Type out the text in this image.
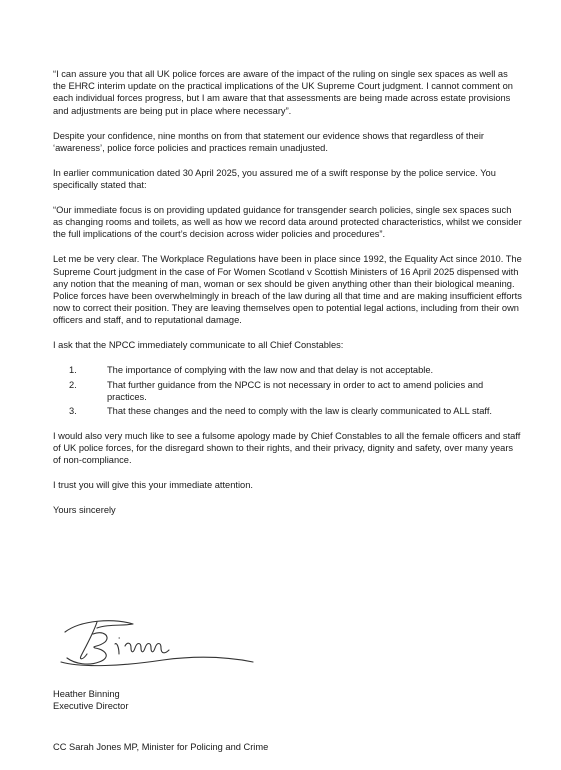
“I can assure you that all UK police forces are aware of the impact of the ruling on single sex spaces as well as the EHRC interim update on the practical implications of the UK Supreme Court judgment. I cannot comment on each individual forces progress, but I am aware that that assessments are being made across estate provisions and adjustments are being put in place where necessary”.

Despite your confidence, nine months on from that statement our evidence shows that regardless of their ‘awareness’, police force policies and practices remain unadjusted.

In earlier communication dated 30 April 2025, you assured me of a swift response by the police service. You specifically stated that:

“Our immediate focus is on providing updated guidance for transgender search policies, single sex spaces such as changing rooms and toilets, as well as how we record data around protected characteristics, whilst we consider the full implications of the court’s decision across wider policies and procedures”.

Let me be very clear. The Workplace Regulations have been in place since 1992, the Equality Act since 2010. The Supreme Court judgment in the case of For Women Scotland v Scottish Ministers of 16 April 2025 dispensed with any notion that the meaning of man, woman or sex should be given anything other than their biological meaning. Police forces have been overwhelmingly in breach of the law during all that time and are making insufficient efforts now to correct their position. They are leaving themselves open to potential legal actions, including from their own officers and staff, and to reputational damage.

I ask that the NPCC immediately communicate to all Chief Constables:

1.	The importance of complying with the law now and that delay is not acceptable.
2.	That further guidance from the NPCC is not necessary in order to act to amend policies and practices.
3.	That these changes and the need to comply with the law is clearly communicated to ALL staff.

I would also very much like to see a fulsome apology made by Chief Constables to all the female officers and staff of UK police forces, for the disregard shown to their rights, and their privacy, dignity and safety, over many years of non-compliance.

I trust you will give this your immediate attention.

Yours sincerely

Heather Binning

Executive Director

CC Sarah Jones MP, Minister for Policing and Crime
